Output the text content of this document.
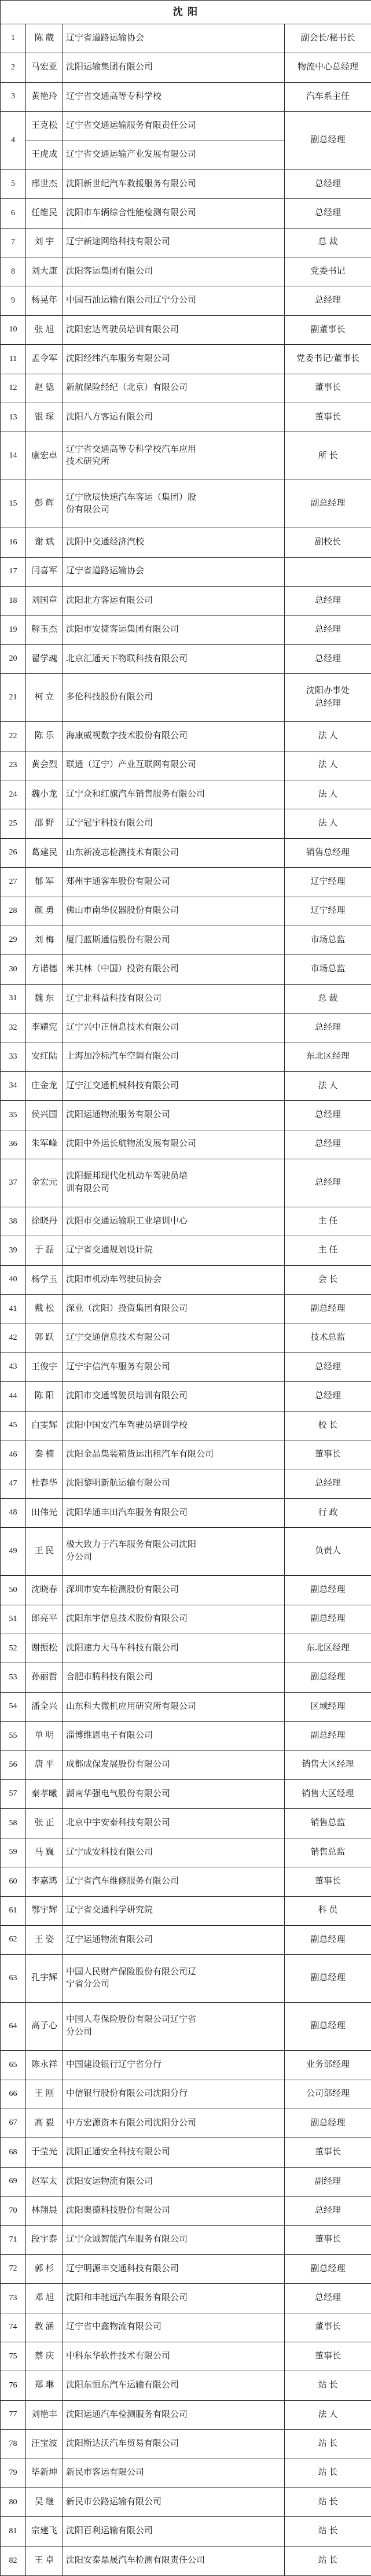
沈 阳			
1	陈 葳	辽宁省道路运输协会	副会长/秘书长
2	马宏亚	沈阳运输集团有限公司	物流中心总经理
3	黄艳玲	辽宁省交通高等专科学校	汽车系主任
4	王克松	辽宁省交通运输服务有限责任公司	副总经理
	王虎成	辽宁省交通运输产业发展有限公司	
5	邢世杰	沈阳新世纪汽车救援服务有限公司	总经理
6	任维民	沈阳市车辆综合性能检测有限公司	总经理
7	刘 宇	辽宁新途网络科技有限公司	总 裁
8	刘大康	沈阳客运集团有限公司	党委书记
9	杨晃年	中国石油运输有限公司辽宁分公司	总经理
10	张 旭	沈阳宏达驾驶员培训有限公司	副董事长
11	孟令军	沈阳经纬汽车服务有限公司	党委书记/董事长
12	赵 德	新航保险经纪（北京）有限公司	董事长
13	银 琛	沈阳八方客运有限公司	董事长
14	康宏卓	辽宁省交通高等专科学校汽车应用
技术研究所	所 长
15	彭 辉	辽宁欣辰快速汽车客运（集团）股
份有限公司	副总经理
16	谢 斌	沈阳中交通经济汽校	副校长
17	闫喜军	辽宁省道路运输协会	
18	刘国章	沈阳北方客运有限公司	总经理
19	解玉杰	沈阳市安捷客运集团有限公司	总经理
20	翟学魂	北京汇通天下物联科技有限公司	总经理
21	柯 立	多伦科技股份有限公司	沈阳办事处
总经理
22	陈 乐	海康威视数字技术股份有限公司	法 人
23	黄会烈	联通（辽宁）产业互联网有限公司	法 人
24	魏小龙	辽宁众和红旗汽车销售服务有限公司	法 人
25	邵 野	辽宁冠宇科技有限公司	法 人
26	葛建民	山东新凌志检测技术有限公司	销售总经理
27	郁 军	郑州宇通客车股份有限公司	辽宁经理
28	颜 勇	佛山市南华仪器股份有限公司	辽宁经理
29	刘 梅	厦门蓝斯通信股份有限公司	市场总监
30	方诺德	米其林（中国）投资有限公司	市场总监
31	魏 东	辽宁北科益科技有限公司	总 裁
32	李耀宪	辽宁兴中正信息技术有限公司	总经理
33	安红陆	上海加冷标汽车空调有限公司	东北区经理
34	庄金龙	辽宁江交通机械科技有限公司	法 人
35	侯兴国	沈阳运通物流服务有限公司	总经理
36	朱军峰	沈阳中外运长航物流发展有限公司	总经理
37	金宏元	沈阳振邦现代化机动车驾驶员培
训有限公司	总经理
38	徐晓丹	沈阳市交通运输职工业培训中心	主 任
39	于 磊	辽宁省交通规划设计院	主 任
40	杨学玉	沈阳市机动车驾驶员协会	会 长
41	戴 松	深业（沈阳）投资集团有限公司	副总经理
42	郭 跃	辽宁交通信息技术有限公司	技术总监
43	王俊宇	辽宁宇信汽车服务有限公司	总经理
44	陈 阳	沈阳市交通驾驶员培训有限公司	总经理
45	白雯辉	沈阳中国安汽车驾驶员培训学校	校 长
46	秦 楠	沈阳金晶集装箱货运出租汽车有限公司	董事长
47	杜春华	沈阳黎明新航运输有限公司	总经理
48	田伟光	沈阳华通丰田汽车服务有限公司	行 政
49	王 民	极大致力于汽车服务有限公司沈阳
分公司	负责人
50	沈晓春	深圳市安车检测股份有限公司	副总经理
51	郎亮平	沈阳东宇信息技术股份有限公司	副总经理
52	谢振松	沈阳速力大马车科技有限公司	东北区经理
53	孙丽哲	合肥市腾科技有限公司	副总经理
54	潘全兴	山东科大微机应用研究所有限公司	区域经理
55	单 明	淄博维恩电子有限公司	副总经理
56	唐 平	成都成保发展股份有限公司	销售大区经理
57	秦孝曦	湖南华强电气股份有限公司	销售大区经理
58	张 正	北京中宇安泰科技有限公司	销售总监
59	马 巍	辽宁成安科技有限公司	销售总监
60	李嘉鸿	辽宁省汽车维修服务有限公司	董事长
61	鄂宇辉	辽宁省交通科学研究院	科 员
62	王 姿	辽宁运通物流有限公司	副总经理
63	孔宇辉	中国人民财产保险股份有限公司辽
宁省分公司	副总经理
64	高子心	中国人寿保险股份有限公司辽宁省
分公司	副总经理
65	陈永祥	中国建设银行辽宁省分行	业务部经理
66	王 刚	中信银行股份有限公司沈阳分行	公司部经理
67	高 毅	中方宏源资本有限公司沈阳分公司	副总经理
68	于莹光	沈阳正通安全科技有限公司	董事长
69	赵军太	沈阳安运物流有限公司	副经理
70	林翔晨	沈阳奥德科技股份有限公司	总经理
71	段宇泰	辽宁众诚智能汽车服务有限公司	董事长
72	郭 杉	辽宁明源丰交通科技有限公司	副总经理
73	邓 旭	沈阳和丰驰远汽车服务有限公司	总经理
74	教 涵	辽宁省中鑫物流有限公司	董事长
75	蔡 庆	中科东华软件技术有限公司	董事长
76	郑 琳	沈阳东恒东汽车运输有限公司	站 长
77	刘艳丰	沈阳运通汽车检测服务有限公司	法 人
78	汪宝波	沈阳斯达沃汽车贸易有限公司	站 长
79	毕新坤	新民市客运有限公司	站 长
80	吴 继	新民市公路运输有限公司	站 长
81	宗建飞	沈阳百利运输有限公司	站 长
82	王 卓	沈阳安泰鼎晟汽车检测有限责任公司	站 长
